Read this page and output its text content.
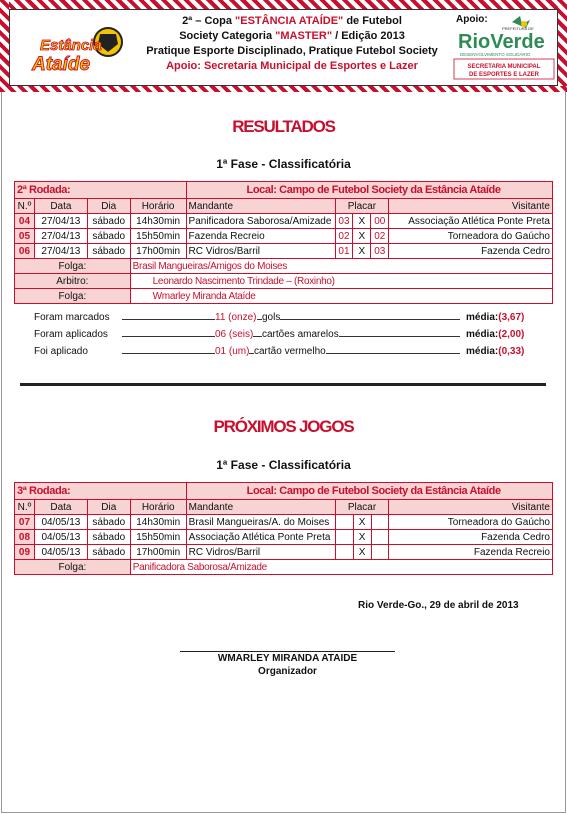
Estância
Ataíde
2ª – Copa "ESTÂNCIA ATAÍDE" de Futebol
Society Categoria "MASTER" / Edição 2013
Pratique Esporte Disciplinado, Pratique Futebol Society
Apoio: Secretaria Municipal de Esportes e Lazer
Apoio:
PREFEITURA DE
RioVerde
DESENVOLVIMENTO SOLIDÁRIO
SECRETARIA MUNICIPAL
DE ESPORTES E LAZER
RESULTADOS
1ª Fase - Classificatória
2ª Rodada:				Local: Campo de Futebol Society da Estância Ataíde				
N.º	Data	Dia	Horário	Mandante	Placar			Visitante
04	27/04/13	sábado	14h30min	Panificadora Saborosa/Amizade	03	X	00	Associação Atlética Ponte Preta
05	27/04/13	sábado	15h50min	Fazenda Recreio	02	X	02	Torneadora do Gaúcho
06	27/04/13	sábado	17h00min	RC Vidros/Barril	01	X	03	Fazenda Cedro
Folga:			Brasil Mangueiras/Amigos do Moises					
Arbitro:			Leonardo Nascimento Trindade – (Roxinho)					
Folga:			Wmarley Miranda Ataíde					
Foram marcados	11 (onze) gols	média:(3,67)
Foram aplicados	06 (seis) cartões amarelos	média:(2,00)
Foi aplicado	01 (um) cartão vermelho	média:(0,33)
PRÓXIMOS JOGOS
1ª Fase - Classificatória
3ª Rodada:				Local: Campo de Futebol Society da Estância Ataíde				
N.º	Data	Dia	Horário	Mandante	Placar			Visitante
07	04/05/13	sábado	14h30min	Brasil Mangueiras/A. do Moises		X		Torneadora do Gaúcho
08	04/05/13	sábado	15h50min	Associação Atlética Ponte Preta		X		Fazenda Cedro
09	04/05/13	sábado	17h00min	RC Vidros/Barril		X		Fazenda Recreio
Folga:			Panificadora Saborosa/Amizade					
Rio Verde-Go., 29 de abril de 2013
WMARLEY MIRANDA ATAIDE
Organizador
